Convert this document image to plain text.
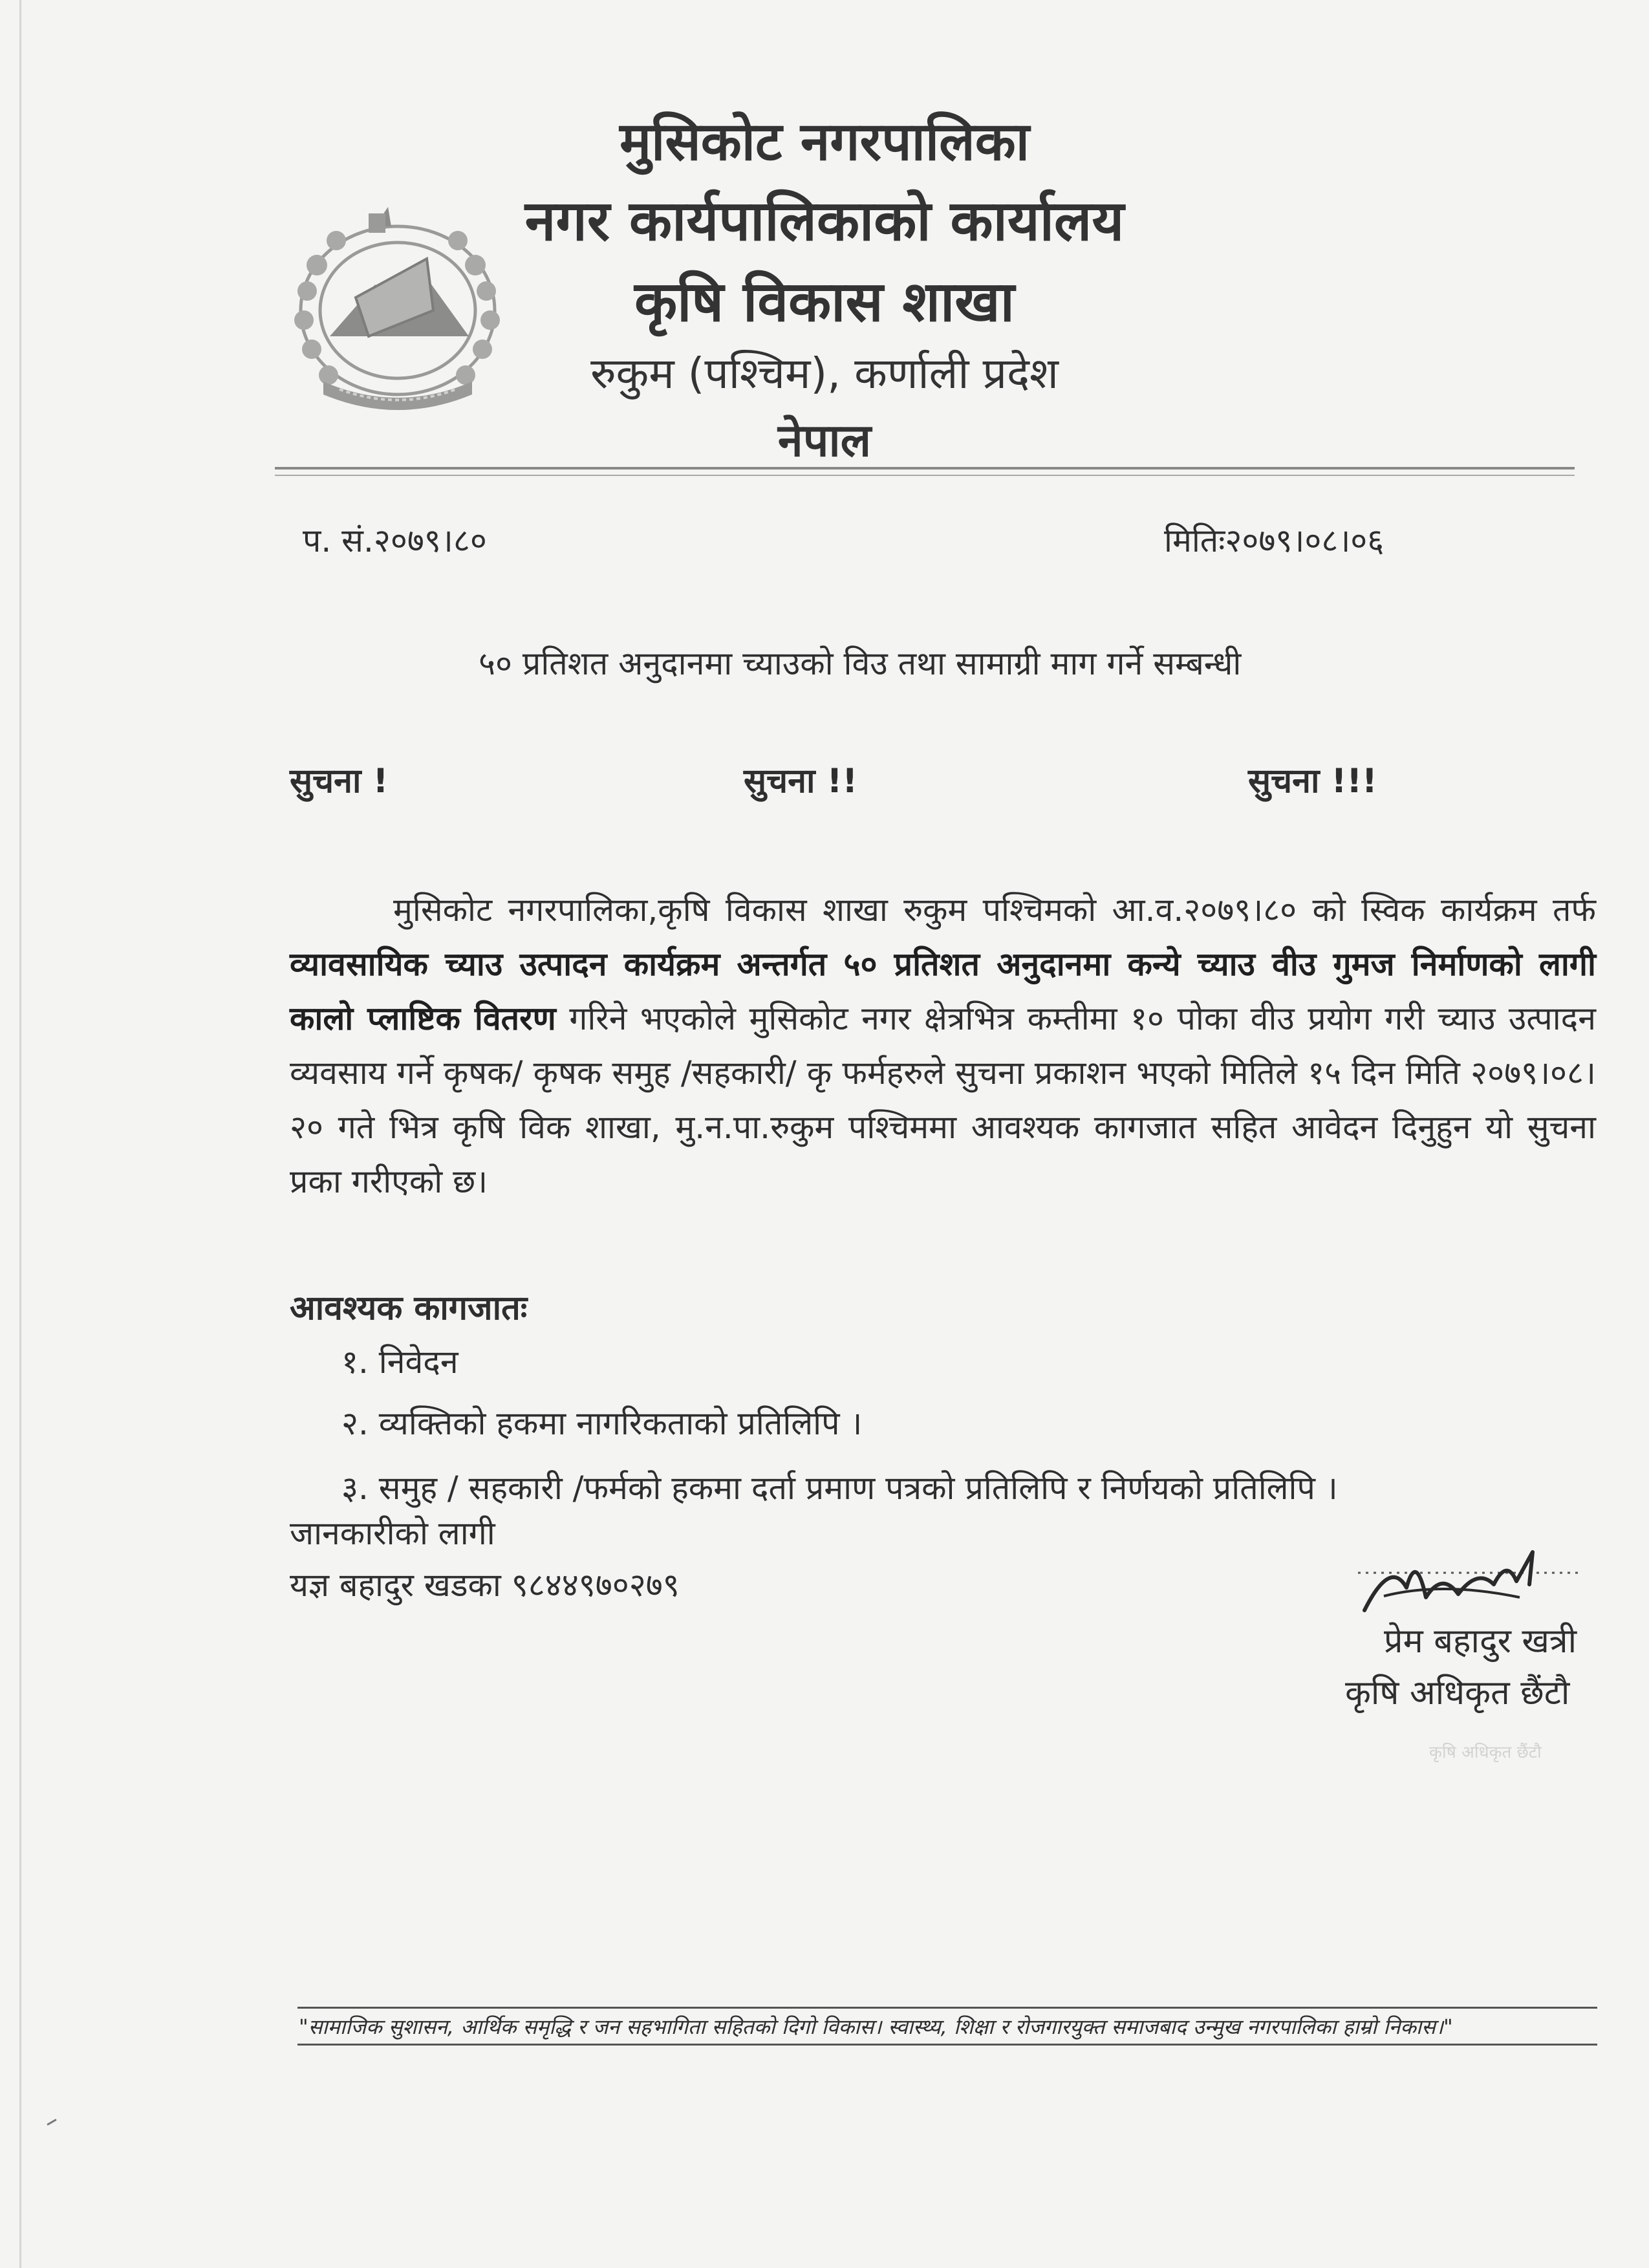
मुसिकोट नगरपालिका
नगर कार्यपालिकाको कार्यालय
कृषि विकास शाखा
रुकुम (पश्चिम), कर्णाली प्रदेश
नेपाल
प. सं.२०७९।८०	मितिः२०७९।०८।०६
५० प्रतिशत अनुदानमा च्याउको विउ तथा सामाग्री माग गर्ने सम्बन्धी
सुचना !	सुचना !!	सुचना !!!
मुसिकोट नगरपालिका,कृषि विकास शाखा रुकुम पश्चिमको आ.व.२०७९।८० को स्विक कार्यक्रम तर्फ व्यावसायिक च्याउ उत्पादन कार्यक्रम अन्तर्गत ५० प्रतिशत अनुदानमा कन्ये च्याउ वीउ गुमज निर्माणको लागी कालो प्लाष्टिक वितरण गरिने भएकोले मुसिकोट नगर क्षेत्रभित्र कम्तीमा १० पोका वीउ प्रयोग गरी च्याउ उत्पादन व्यवसाय गर्ने कृषक/ कृषक समुह /सहकारी/ कृ फर्महरुले सुचना प्रकाशन भएको मितिले १५ दिन मिति २०७९।०८।२० गते भित्र कृषि विक शाखा, मु.न.पा.रुकुम पश्चिममा आवश्यक कागजात सहित आवेदन दिनुहुन यो सुचना प्रका गरीएको छ।
आवश्यक कागजातः
१. निवेदन
२. व्यक्तिको हकमा नागरिकताको प्रतिलिपि ।
३. समुह / सहकारी /फर्मको हकमा दर्ता प्रमाण पत्रको प्रतिलिपि र निर्णयको प्रतिलिपि ।
जानकारीको लागी
यज्ञ बहादुर खडका ९८४४९७०२७९
प्रेम बहादुर खत्री
कृषि अधिकृत छैंटौ
कृषि अधिकृत छैंटौ
"सामाजिक सुशासन, आर्थिक समृद्धि र जन सहभागिता सहितको दिगो विकास। स्वास्थ्य, शिक्षा र रोजगारयुक्त समाजबाद उन्मुख नगरपालिका हाम्रो निकास।"
